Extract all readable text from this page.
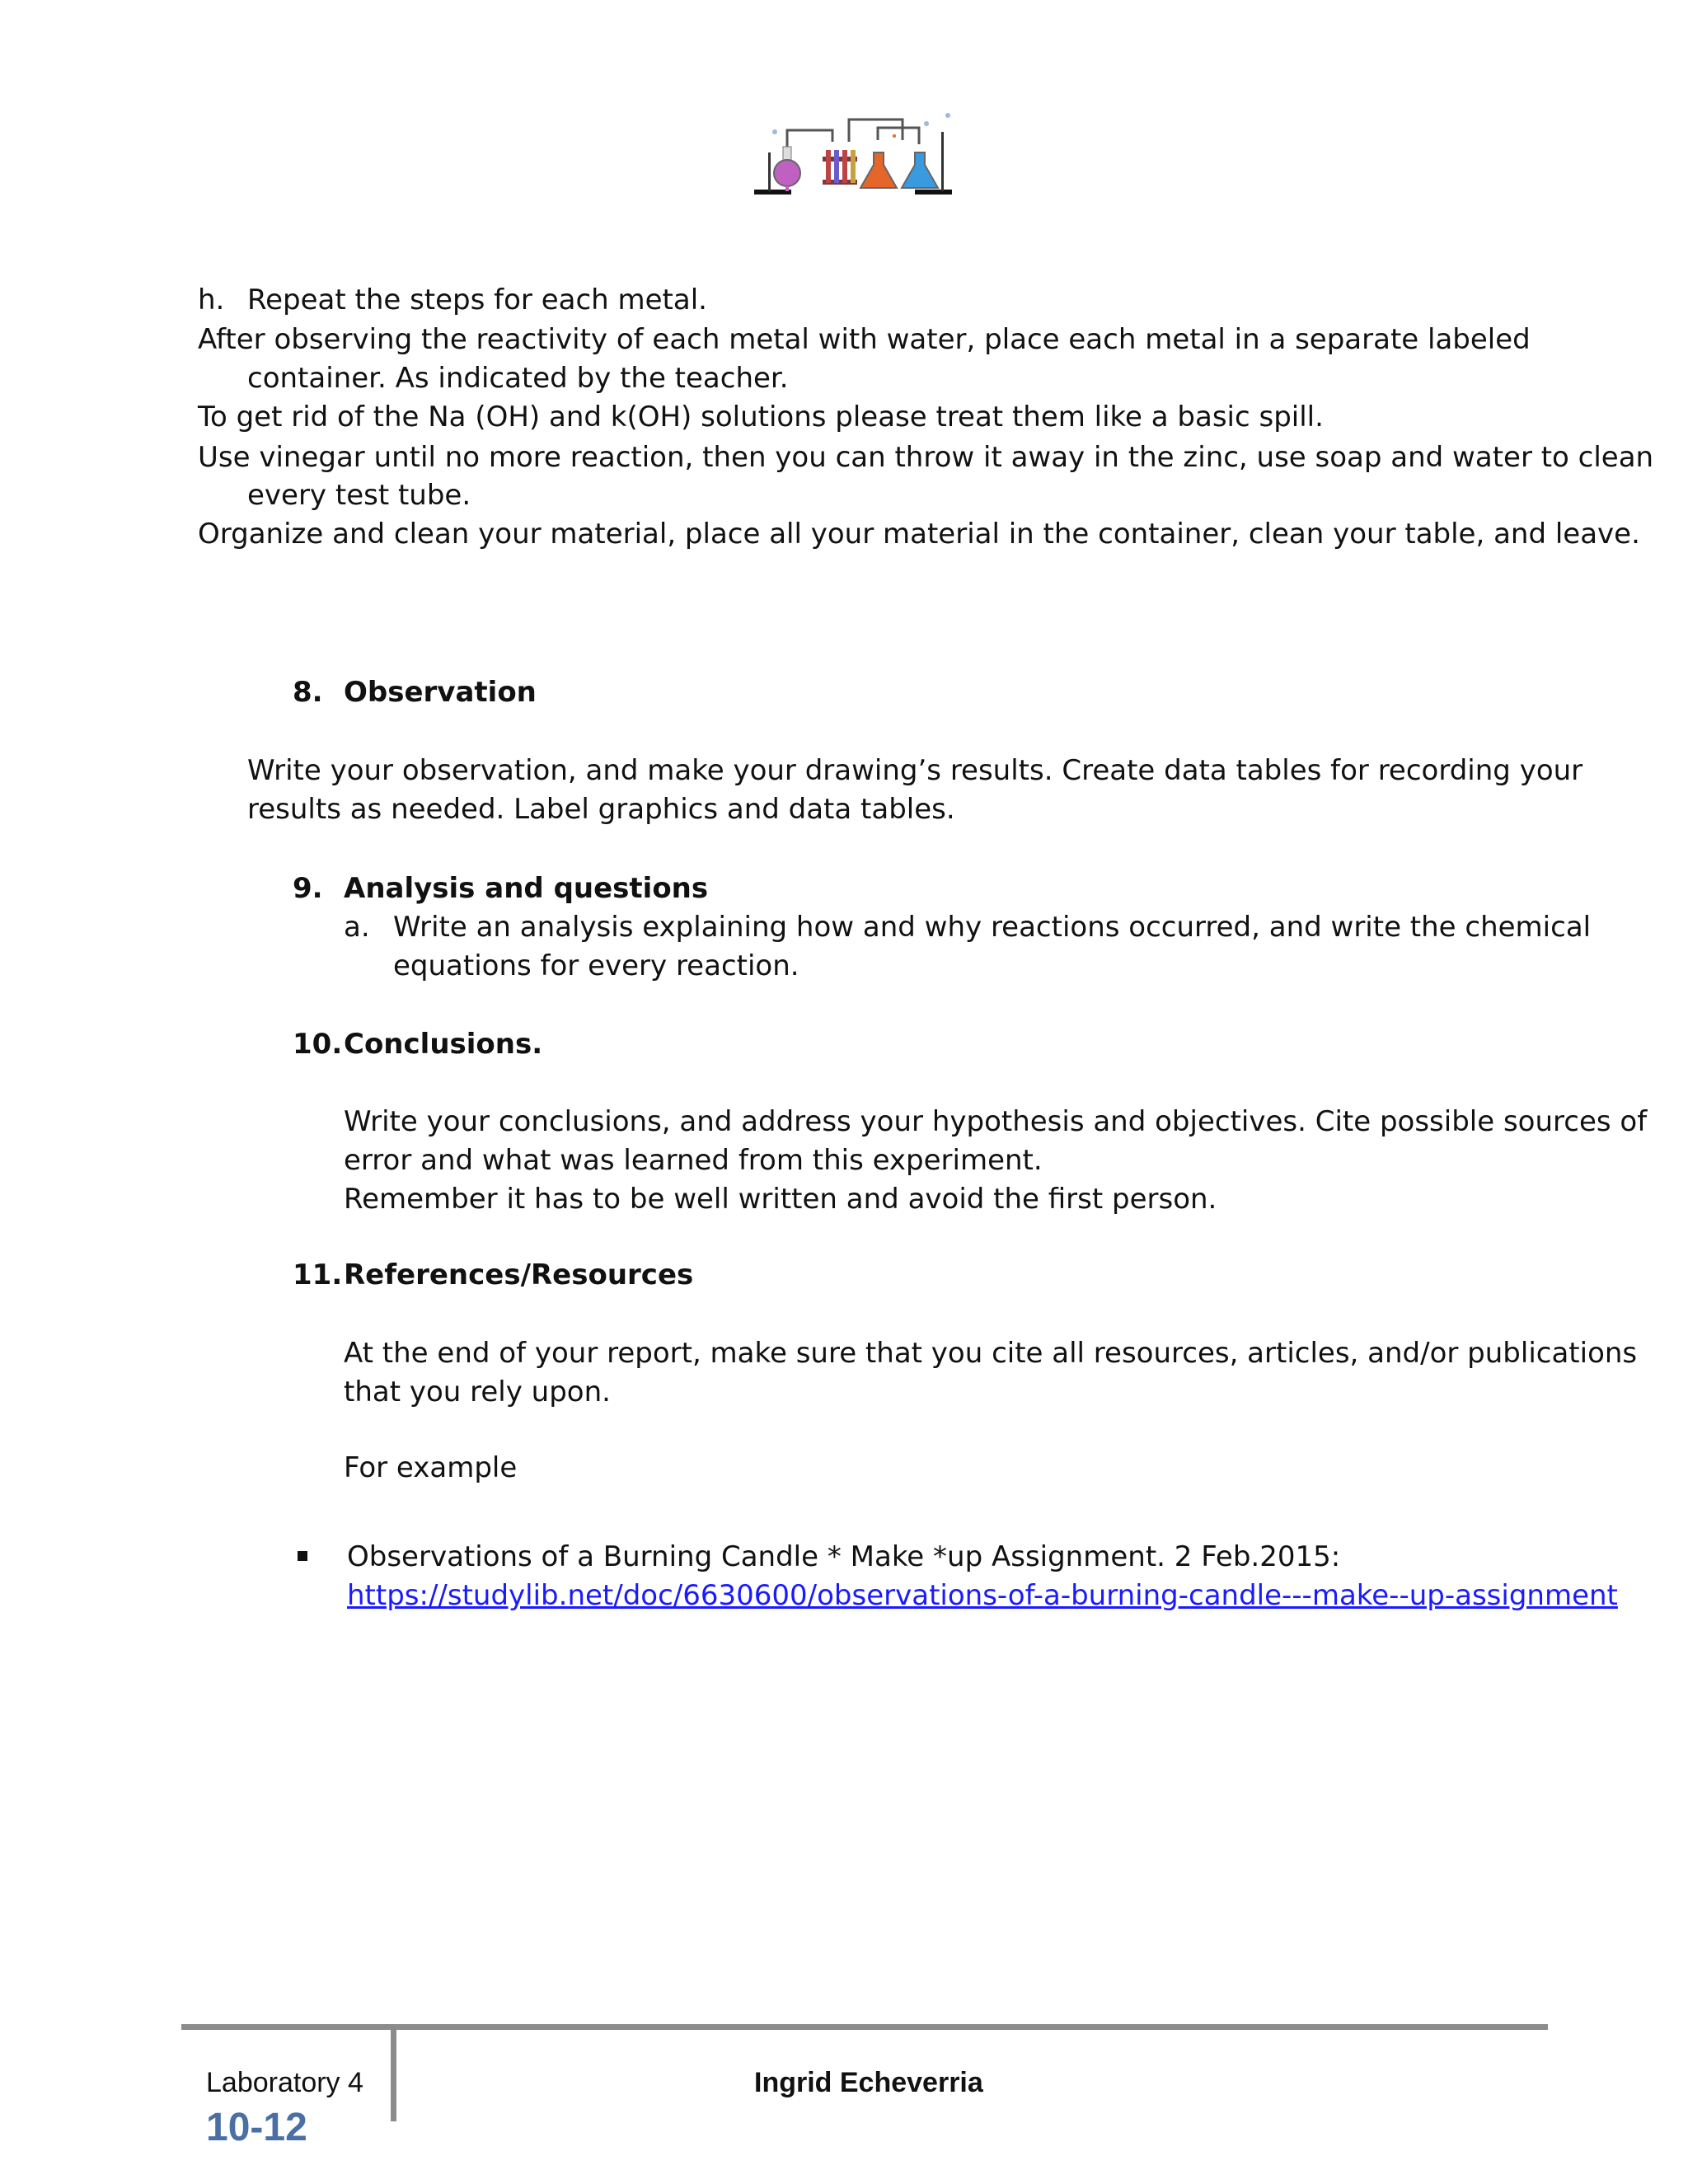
h. Repeat the steps for each metal.
After observing the reactivity of each metal with water, place each metal in a separate labeled
container. As indicated by the teacher.
To get rid of the Na (OH) and k(OH) solutions please treat them like a basic spill.
Use vinegar until no more reaction, then you can throw it away in the zinc, use soap and water to clean
every test tube.
Organize and clean your material, place all your material in the container, clean your table, and leave.
8. Observation
Write your observation, and make your drawing’s results. Create data tables for recording your
results as needed. Label graphics and data tables.
9. Analysis and questions
a. Write an analysis explaining how and why reactions occurred, and write the chemical
equations for every reaction.
10. Conclusions.
Write your conclusions, and address your hypothesis and objectives. Cite possible sources of
error and what was learned from this experiment.
Remember it has to be well written and avoid the first person.
11. References/Resources
At the end of your report, make sure that you cite all resources, articles, and/or publications
that you rely upon.
For example
Observations of a Burning Candle * Make *up Assignment. 2 Feb.2015:
https://studylib.net/doc/6630600/observations-of-a-burning-candle---make--up-assignment
Laboratory 4
10-12
Ingrid Echeverria
